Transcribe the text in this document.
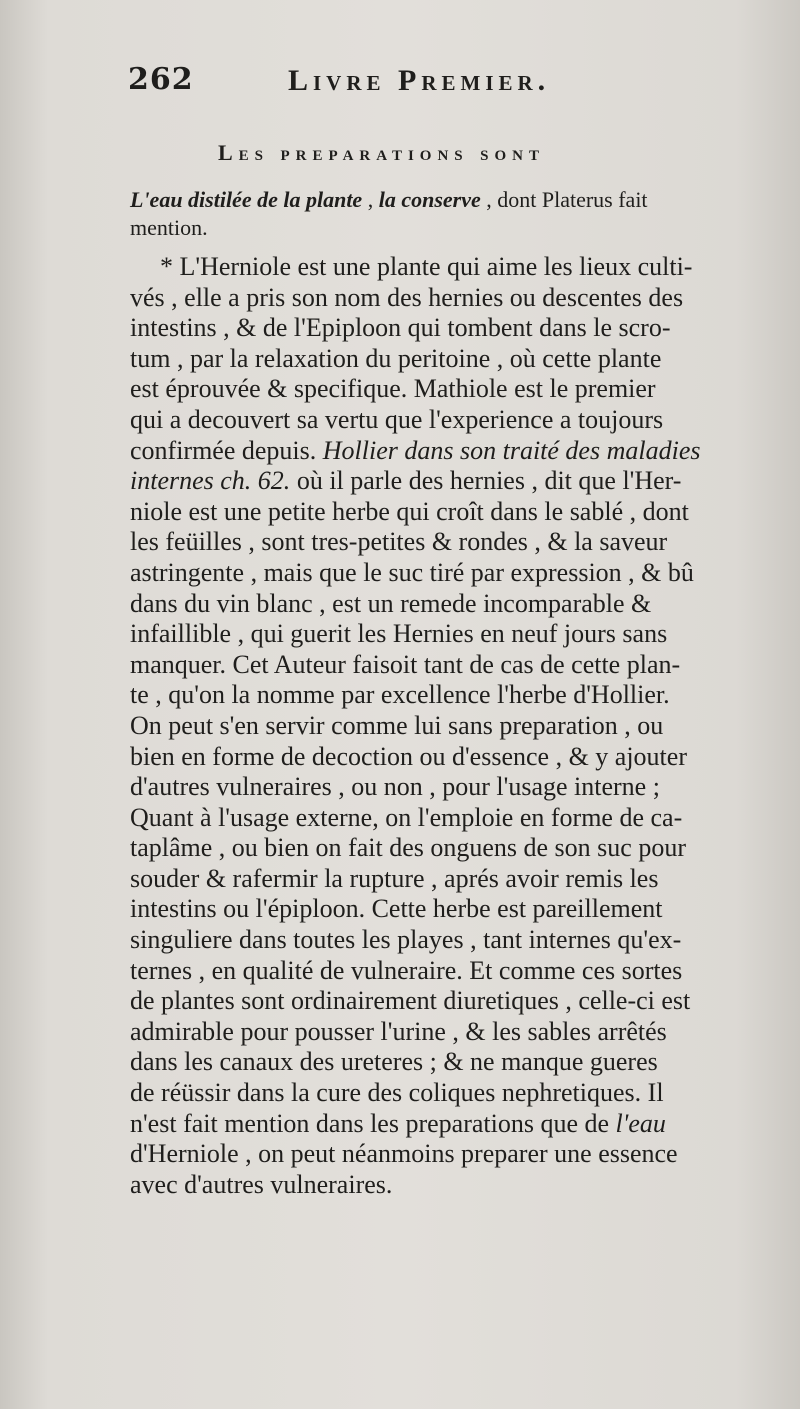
262	Livre Premier.
Les preparations sont
L'eau distilée de la plante , la conserve , dont Platerus fait
mention.
* L'Herniole est une plante qui aime les lieux culti-
vés , elle a pris son nom des hernies ou descentes des
intestins , & de l'Epiploon qui tombent dans le scro-
tum , par la relaxation du peritoine , où cette plante
est éprouvée & specifique. Mathiole est le premier
qui a decouvert sa vertu que l'experience a toujours
confirmée depuis. Hollier dans son traité des maladies
internes ch. 62. où il parle des hernies , dit que l'Her-
niole est une petite herbe qui croît dans le sablé , dont
les feüilles , sont tres-petites & rondes , & la saveur
astringente , mais que le suc tiré par expression , & bû
dans du vin blanc , est un remede incomparable &
infaillible , qui guerit les Hernies en neuf jours sans
manquer. Cet Auteur faisoit tant de cas de cette plan-
te , qu'on la nomme par excellence l'herbe d'Hollier.
On peut s'en servir comme lui sans preparation , ou
bien en forme de decoction ou d'essence , & y ajouter
d'autres vulneraires , ou non , pour l'usage interne ;
Quant à l'usage externe, on l'emploie en forme de ca-
taplâme , ou bien on fait des onguens de son suc pour
souder & rafermir la rupture , aprés avoir remis les
intestins ou l'épiploon. Cette herbe est pareillement
singuliere dans toutes les playes , tant internes qu'ex-
ternes , en qualité de vulneraire. Et comme ces sortes
de plantes sont ordinairement diuretiques , celle-ci est
admirable pour pousser l'urine , & les sables arrêtés
dans les canaux des ureteres ; & ne manque gueres
de réüssir dans la cure des coliques nephretiques. Il
n'est fait mention dans les preparations que de l'eau
d'Herniole , on peut néanmoins preparer une essence
avec d'autres vulneraires.
